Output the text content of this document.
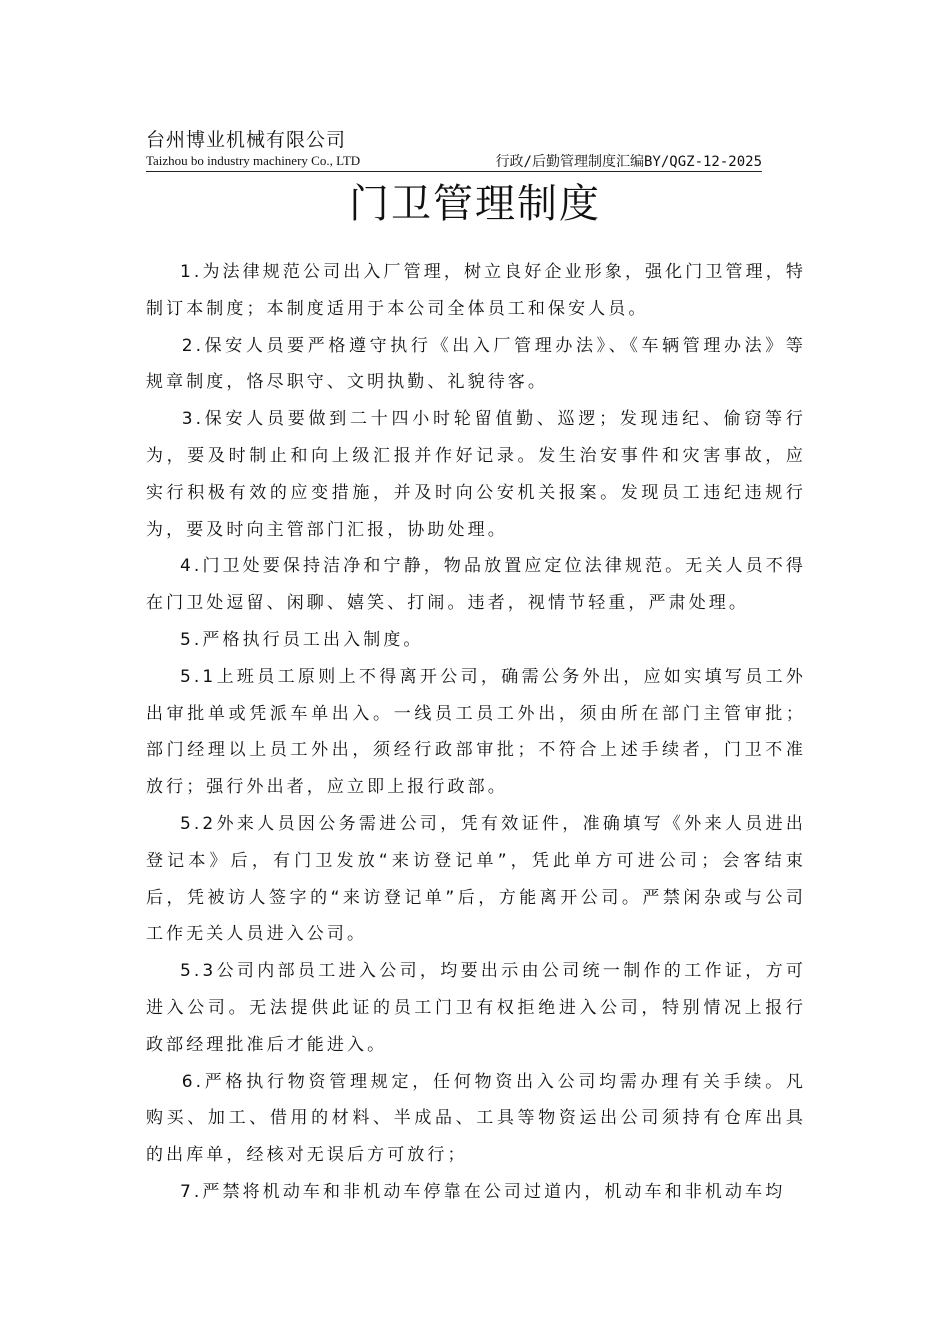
台州博业机械有限公司
Taizhou bo industry machinery Co., LTD	行政/后勤管理制度汇编BY/QGZ-12-2025
门卫管理制度

1.为法律规范公司出入厂管理，树立良好企业形象，强化门卫管理，特制订本制度；本制度适用于本公司全体员工和保安人员。

2.保安人员要严格遵守执行《出入厂管理办法》、《车辆管理办法》等规章制度，恪尽职守、文明执勤、礼貌待客。

3.保安人员要做到二十四小时轮留值勤、巡逻；发现违纪、偷窃等行为，要及时制止和向上级汇报并作好记录。发生治安事件和灾害事故，应实行积极有效的应变措施，并及时向公安机关报案。发现员工违纪违规行为，要及时向主管部门汇报，协助处理。

4.门卫处要保持洁净和宁静，物品放置应定位法律规范。无关人员不得在门卫处逗留、闲聊、嬉笑、打闹。违者，视情节轻重，严肃处理。

5.严格执行员工出入制度。

5.1上班员工原则上不得离开公司，确需公务外出，应如实填写员工外出审批单或凭派车单出入。一线员工员工外出，须由所在部门主管审批；部门经理以上员工外出，须经行政部审批；不符合上述手续者，门卫不准放行；强行外出者，应立即上报行政部。

5.2外来人员因公务需进公司，凭有效证件，准确填写《外来人员进出登记本》后，有门卫发放“来访登记单”，凭此单方可进公司；会客结束后，凭被访人签字的“来访登记单”后，方能离开公司。严禁闲杂或与公司工作无关人员进入公司。

5.3公司内部员工进入公司，均要出示由公司统一制作的工作证，方可进入公司。无法提供此证的员工门卫有权拒绝进入公司，特别情况上报行政部经理批准后才能进入。

6.严格执行物资管理规定，任何物资出入公司均需办理有关手续。凡购买、加工、借用的材料、半成品、工具等物资运出公司须持有仓库出具的出库单，经核对无误后方可放行；

7.严禁将机动车和非机动车停靠在公司过道内，机动车和非机动车均
